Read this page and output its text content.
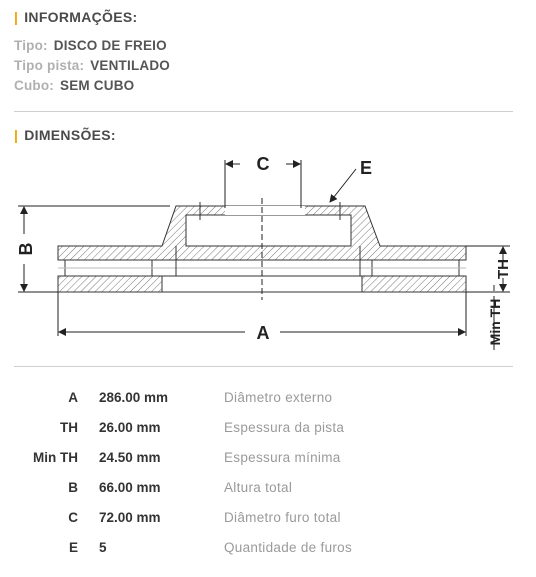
| INFORMAÇÕES:
Tipo: DISCO DE FREIO
Tipo pista: VENTILADO
Cubo: SEM CUBO
| DIMENSÕES:
C	E
B
A
TH
Min TH
A 286.00 mm	Diâmetro externo
TH 26.00 mm	Espessura da pista
Min TH 24.50 mm	Espessura mínima
B 66.00 mm	Altura total
C 72.00 mm	Diâmetro furo total
E 5	Quantidade de furos
